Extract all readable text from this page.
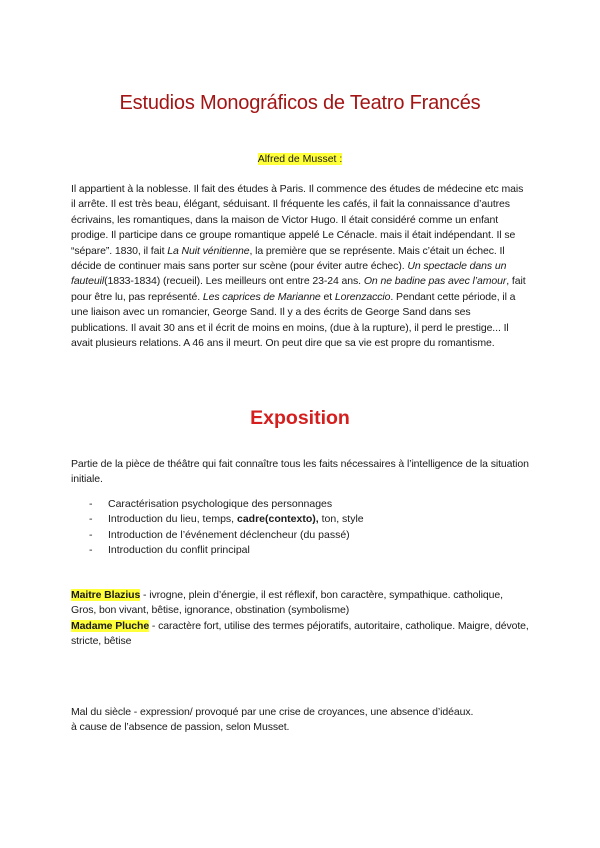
Estudios Monográficos de Teatro Francés
Alfred de Musset :
Il appartient à la noblesse. Il fait des études à Paris. Il commence des études de médecine etc mais il arrête. Il est très beau, élégant, séduisant. Il fréquente les cafés, il fait la connaissance d’autres écrivains, les romantiques, dans la maison de Victor Hugo. Il était considéré comme un enfant prodige. Il participe dans ce groupe romantique appelé Le Cénacle. mais il était indépendant. Il se “sépare”. 1830, il fait La Nuit vénitienne, la première que se représente. Mais c’était un échec. Il décide de continuer mais sans porter sur scène (pour éviter autre échec). Un spectacle dans un fauteuil(1833-1834) (recueil). Les meilleurs ont entre 23-24 ans. On ne badine pas avec l’amour, fait pour être lu, pas représenté. Les caprices de Marianne et Lorenzaccio. Pendant cette période, il a une liaison avec un romancier, George Sand. Il y a des écrits de George Sand dans ses publications. Il avait 30 ans et il écrit de moins en moins, (due à la rupture), il perd le prestige... Il avait plusieurs relations. A 46 ans il meurt. On peut dire que sa vie est propre du romantisme.
Exposition
Partie de la pièce de théâtre qui fait connaître tous les faits nécessaires à l’intelligence de la situation initiale.
- Caractérisation psychologique des personnages
- Introduction du lieu, temps, cadre(contexto), ton, style
- Introduction de l’événement déclencheur (du passé)
- Introduction du conflit principal
Maitre Blazius - ivrogne, plein d’énergie, il est réflexif, bon caractère, sympathique. catholique, Gros, bon vivant, bêtise, ignorance, obstination (symbolisme)
Madame Pluche - caractère fort, utilise des termes péjoratifs, autoritaire, catholique. Maigre, dévote, stricte, bêtise
Mal du siècle - expression/ provoqué par une crise de croyances, une absence d’idéaux.
à cause de l’absence de passion, selon Musset.
